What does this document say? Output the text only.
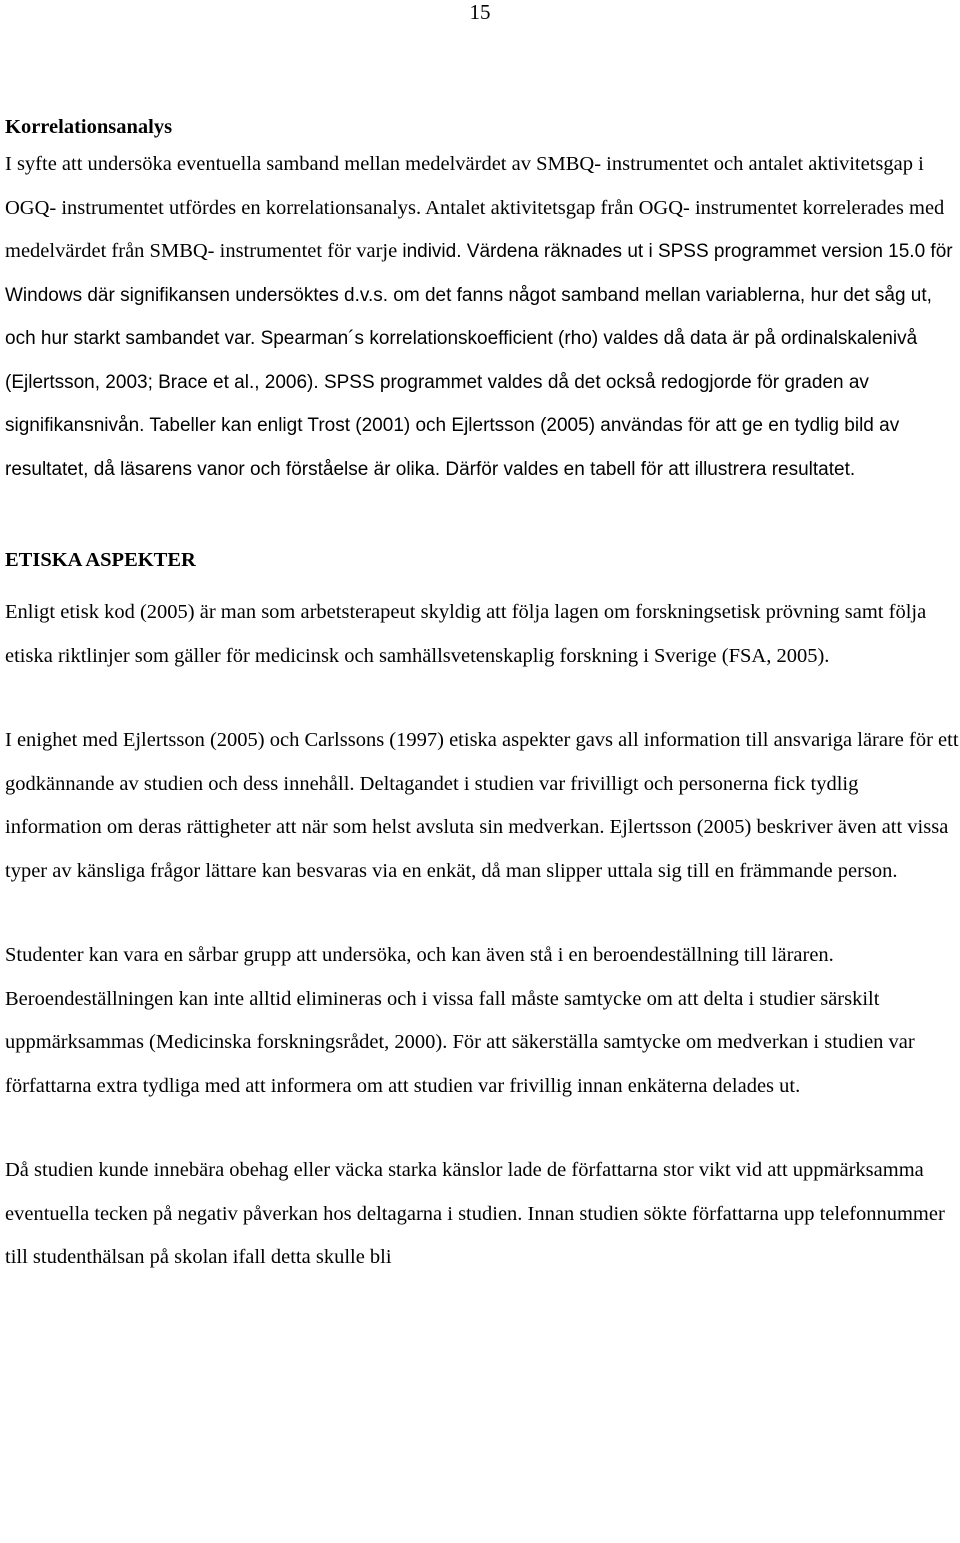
15
Korrelationsanalys

I syfte att undersöka eventuella samband mellan medelvärdet av SMBQ- instrumentet och antalet aktivitetsgap i OGQ- instrumentet utfördes en korrelationsanalys. Antalet aktivitetsgap från OGQ- instrumentet korrelerades med medelvärdet från SMBQ- instrumentet för varje individ. Värdena räknades ut i SPSS programmet version 15.0 för Windows där signifikansen undersöktes d.v.s. om det fanns något samband mellan variablerna, hur det såg ut, och hur starkt sambandet var. Spearman´s korrelationskoefficient (rho) valdes då data är på ordinalskalenivå (Ejlertsson, 2003; Brace et al., 2006). SPSS programmet valdes då det också redogjorde för graden av signifikansnivån. Tabeller kan enligt Trost (2001) och Ejlertsson (2005) användas för att ge en tydlig bild av resultatet, då läsarens vanor och förståelse är olika. Därför valdes en tabell för att illustrera resultatet.

ETISKA ASPEKTER

Enligt etisk kod (2005) är man som arbetsterapeut skyldig att följa lagen om forskningsetisk prövning samt följa etiska riktlinjer som gäller för medicinsk och samhällsvetenskaplig forskning i Sverige (FSA, 2005).

I enighet med Ejlertsson (2005) och Carlssons (1997) etiska aspekter gavs all information till ansvariga lärare för ett godkännande av studien och dess innehåll. Deltagandet i studien var frivilligt och personerna fick tydlig information om deras rättigheter att när som helst avsluta sin medverkan. Ejlertsson (2005) beskriver även att vissa typer av känsliga frågor lättare kan besvaras via en enkät, då man slipper uttala sig till en främmande person.

Studenter kan vara en sårbar grupp att undersöka, och kan även stå i en beroendeställning till läraren. Beroendeställningen kan inte alltid elimineras och i vissa fall måste samtycke om att delta i studier särskilt uppmärksammas (Medicinska forskningsrådet, 2000). För att säkerställa samtycke om medverkan i studien var författarna extra tydliga med att informera om att studien var frivillig innan enkäterna delades ut.

Då studien kunde innebära obehag eller väcka starka känslor lade de författarna stor vikt vid att uppmärksamma eventuella tecken på negativ påverkan hos deltagarna i studien. Innan studien sökte författarna upp telefonnummer till studenthälsan på skolan ifall detta skulle bli
